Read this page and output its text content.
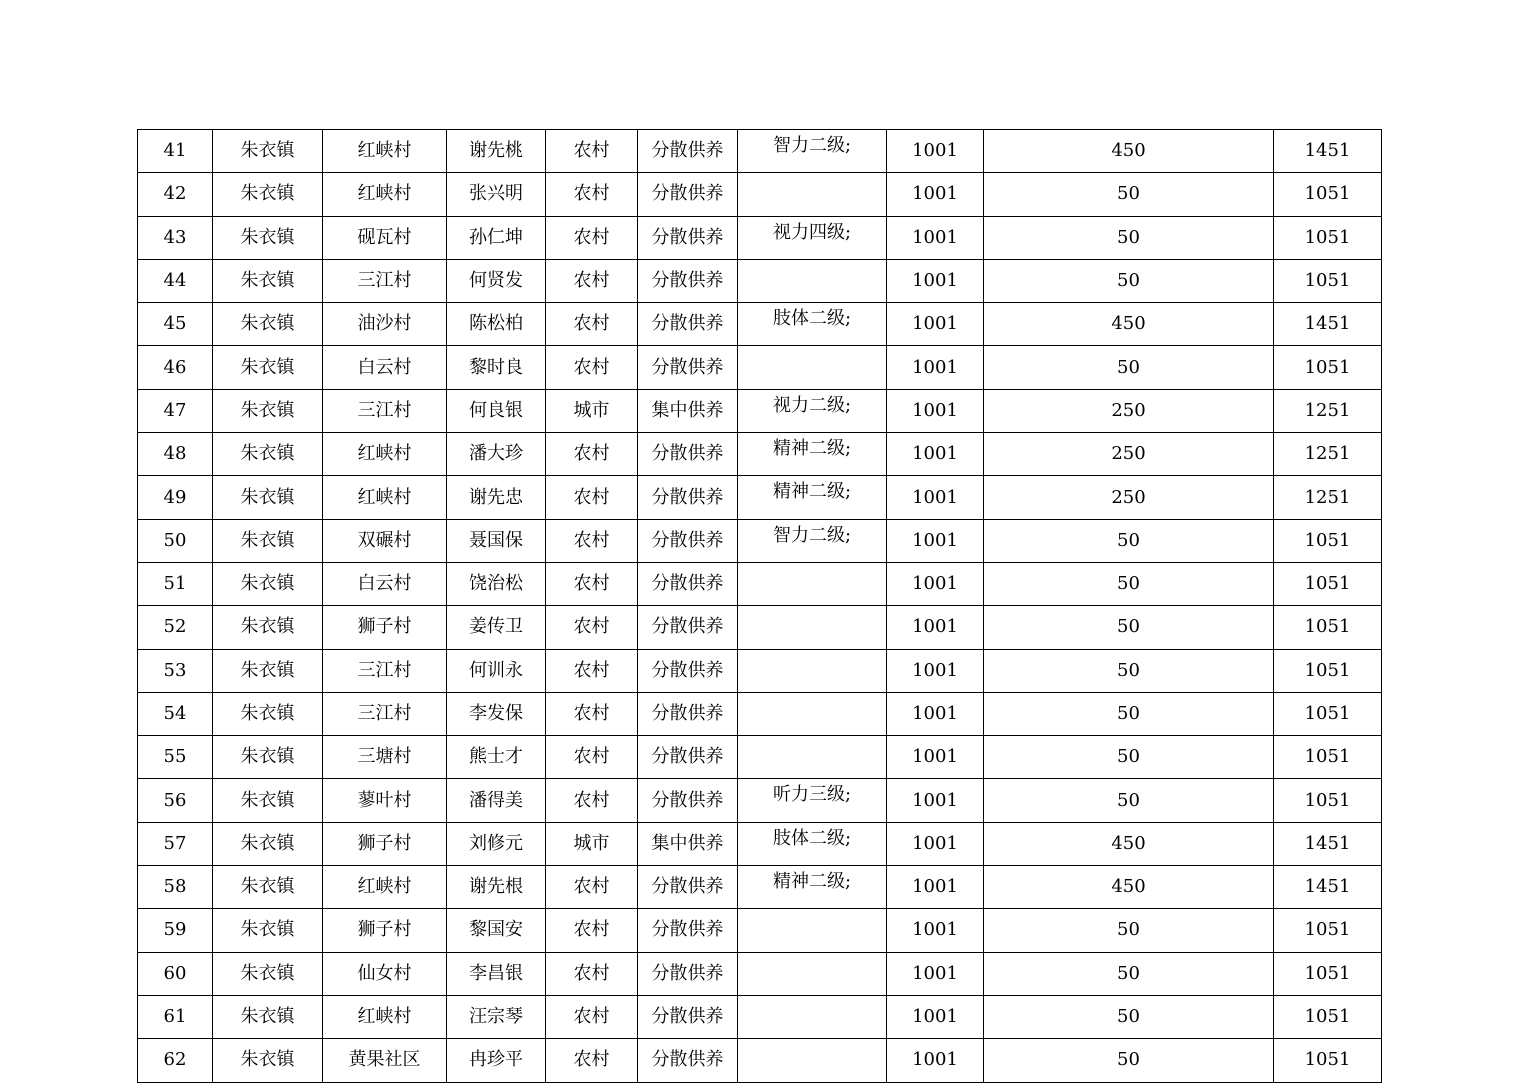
41	朱衣镇	红峡村	谢先桃	农村	分散供养	智力二级;	1001	450	1451
42	朱衣镇	红峡村	张兴明	农村	分散供养		1001	50	1051
43	朱衣镇	砚瓦村	孙仁坤	农村	分散供养	视力四级;	1001	50	1051
44	朱衣镇	三江村	何贤发	农村	分散供养		1001	50	1051
45	朱衣镇	油沙村	陈松柏	农村	分散供养	肢体二级;	1001	450	1451
46	朱衣镇	白云村	黎时良	农村	分散供养		1001	50	1051
47	朱衣镇	三江村	何良银	城市	集中供养	视力二级;	1001	250	1251
48	朱衣镇	红峡村	潘大珍	农村	分散供养	精神二级;	1001	250	1251
49	朱衣镇	红峡村	谢先忠	农村	分散供养	精神二级;	1001	250	1251
50	朱衣镇	双碾村	聂国保	农村	分散供养	智力二级;	1001	50	1051
51	朱衣镇	白云村	饶治松	农村	分散供养		1001	50	1051
52	朱衣镇	狮子村	姜传卫	农村	分散供养		1001	50	1051
53	朱衣镇	三江村	何训永	农村	分散供养		1001	50	1051
54	朱衣镇	三江村	李发保	农村	分散供养		1001	50	1051
55	朱衣镇	三塘村	熊士才	农村	分散供养		1001	50	1051
56	朱衣镇	蓼叶村	潘得美	农村	分散供养	听力三级;	1001	50	1051
57	朱衣镇	狮子村	刘修元	城市	集中供养	肢体二级;	1001	450	1451
58	朱衣镇	红峡村	谢先根	农村	分散供养	精神二级;	1001	450	1451
59	朱衣镇	狮子村	黎国安	农村	分散供养		1001	50	1051
60	朱衣镇	仙女村	李昌银	农村	分散供养		1001	50	1051
61	朱衣镇	红峡村	汪宗琴	农村	分散供养		1001	50	1051
62	朱衣镇	黄果社区	冉珍平	农村	分散供养		1001	50	1051
